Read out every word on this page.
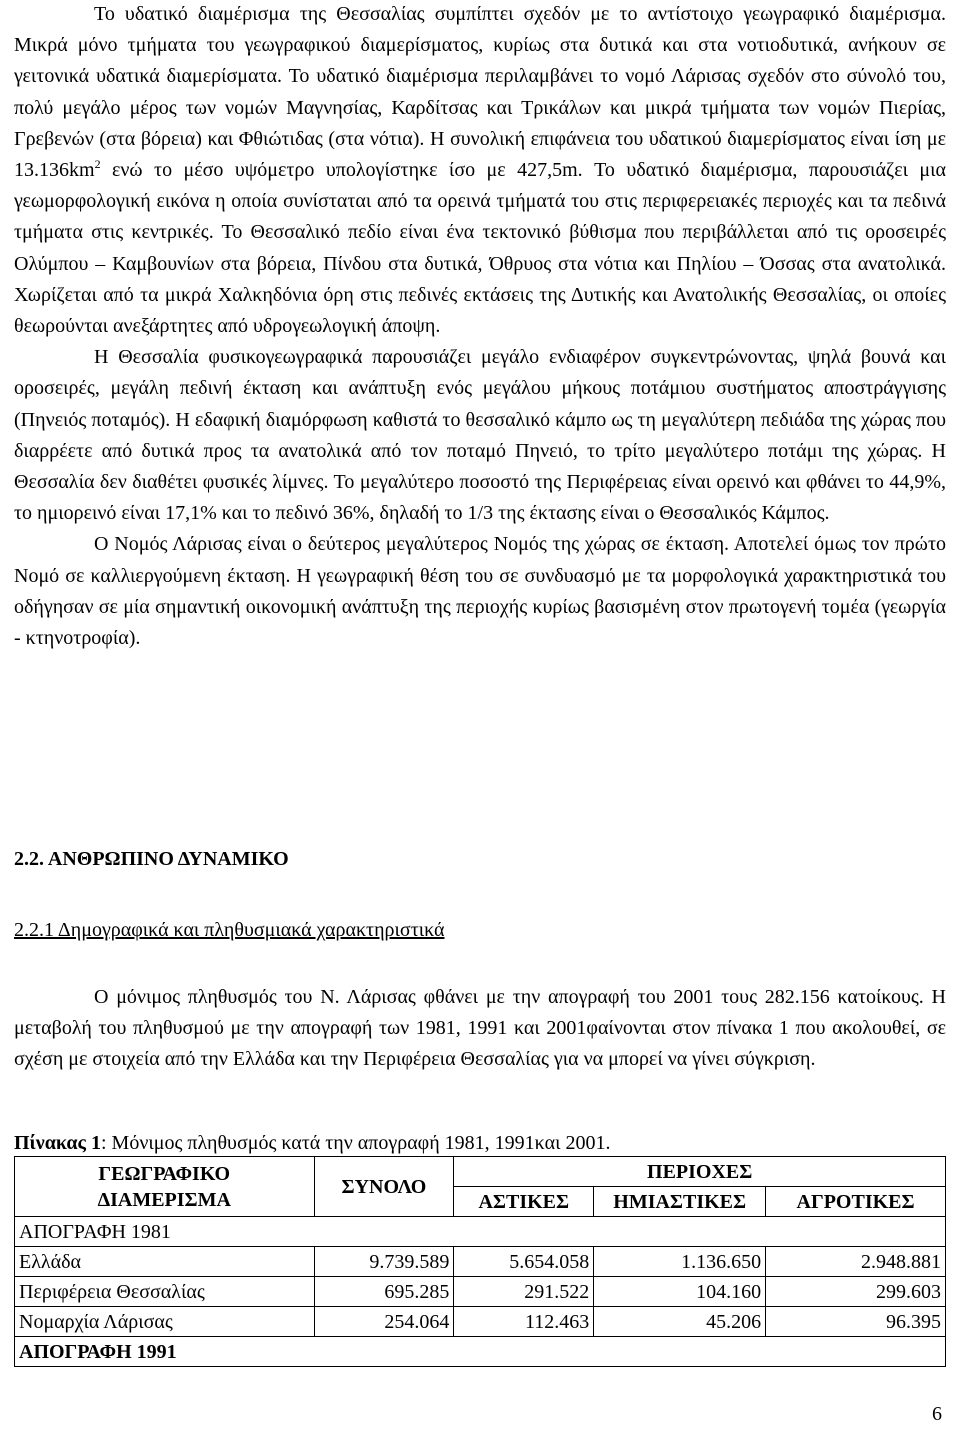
Το υδατικό διαμέρισμα της Θεσσαλίας συμπίπτει σχεδόν με το αντίστοιχο γεωγραφικό διαμέρισμα. Μικρά μόνο τμήματα του γεωγραφικού διαμερίσματος, κυρίως στα δυτικά και στα νοτιοδυτικά, ανήκουν σε γειτονικά υδατικά διαμερίσματα. Το υδατικό διαμέρισμα περιλαμβάνει το νομό Λάρισας σχεδόν στο σύνολό του, πολύ μεγάλο μέρος των νομών Μαγνησίας, Καρδίτσας και Τρικάλων και μικρά τμήματα των νομών Πιερίας, Γρεβενών (στα βόρεια) και Φθιώτιδας (στα νότια). Η συνολική επιφάνεια του υδατικού διαμερίσματος είναι ίση με $13.136km^2$ ενώ το μέσο υψόμετρο υπολογίστηκε ίσο με 427,5m. Το υδατικό διαμέρισμα, παρουσιάζει μια γεωμορφολογική εικόνα η οποία συνίσταται από τα ορεινά τμήματά του στις περιφερειακές περιοχές και τα πεδινά τμήματα στις κεντρικές. Το Θεσσαλικό πεδίο είναι ένα τεκτονικό βύθισμα που περιβάλλεται από τις οροσειρές Ολύμπου – Καμβουνίων στα βόρεια, Πίνδου στα δυτικά, Όθρυος στα νότια και Πηλίου – Όσσας στα ανατολικά. Χωρίζεται από τα μικρά Χαλκηδόνια όρη στις πεδινές εκτάσεις της Δυτικής και Ανατολικής Θεσσαλίας, οι οποίες θεωρούνται ανεξάρτητες από υδρογεωλογική άποψη.

Η Θεσσαλία φυσικογεωγραφικά παρουσιάζει μεγάλο ενδιαφέρον συγκεντρώνοντας, ψηλά βουνά και οροσειρές, μεγάλη πεδινή έκταση και ανάπτυξη ενός μεγάλου μήκους ποτάμιου συστήματος αποστράγγισης (Πηνειός ποταμός). Η εδαφική διαμόρφωση καθιστά το θεσσαλικό κάμπο ως τη μεγαλύτερη πεδιάδα της χώρας που διαρρέετε από δυτικά προς τα ανατολικά από τον ποταμό Πηνειό, το τρίτο μεγαλύτερο ποτάμι της χώρας. Η Θεσσαλία δεν διαθέτει φυσικές λίμνες. Το μεγαλύτερο ποσοστό της Περιφέρειας είναι ορεινό και φθάνει το 44,9%, το ημιορεινό είναι 17,1% και το πεδινό 36%, δηλαδή το 1/3 της έκτασης είναι ο Θεσσαλικός Κάμπος.

Ο Νομός Λάρισας είναι ο δεύτερος μεγαλύτερος Νομός της χώρας σε έκταση. Αποτελεί όμως τον πρώτο Νομό σε καλλιεργούμενη έκταση. Η γεωγραφική θέση του σε συνδυασμό με τα μορφολογικά χαρακτηριστικά του οδήγησαν σε μία σημαντική οικονομική ανάπτυξη της περιοχής κυρίως βασισμένη στον πρωτογενή τομέα (γεωργία - κτηνοτροφία).

2.2. ΑΝΘΡΩΠΙΝΟ ΔΥΝΑΜΙΚΟ
2.2.1 Δημογραφικά και πληθυσμιακά χαρακτηριστικά

Ο μόνιμος πληθυσμός του Ν. Λάρισας φθάνει με την απογραφή του 2001 τους 282.156 κατοίκους. Η μεταβολή του πληθυσμού με την απογραφή των 1981, 1991 και 2001φαίνονται στον πίνακα 1 που ακολουθεί, σε σχέση με στοιχεία από την Ελλάδα και την Περιφέρεια Θεσσαλίας για να μπορεί να γίνει σύγκριση.

Πίνακας 1: Μόνιμος πληθυσμός κατά την απογραφή 1981, 1991και 2001.
ΓΕΩΓΡΑΦΙΚΟ
ΔΙΑΜΕΡΙΣΜΑ	ΣΥΝΟΛΟ	ΠΕΡΙΟΧΕΣ		
		ΑΣΤΙΚΕΣ	ΗΜΙΑΣΤΙΚΕΣ	ΑΓΡΟΤΙΚΕΣ
ΑΠΟΓΡΑΦΗ 1981				
Ελλάδα	9.739.589	5.654.058	1.136.650	2.948.881
Περιφέρεια Θεσσαλίας	695.285	291.522	104.160	299.603
Νομαρχία Λάρισας	254.064	112.463	45.206	96.395
ΑΠΟΓΡΑΦΗ 1991				
6
